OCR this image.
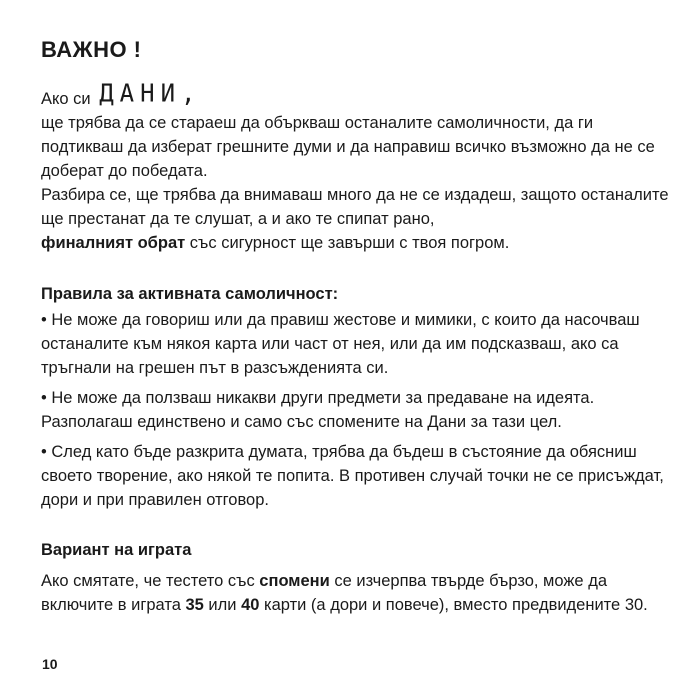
ВАЖНО !

Ако си ДАНИ,
ще трябва да се стараеш да объркваш останалите самоличности, да ги подтикваш да изберат грешните думи и да направиш всичко възможно да не се доберат до победата.
Разбира се, ще трябва да внимаваш много да не се издадеш, защото останалите ще престанат да те слушат, а и ако те спипат рано,
финалният обрат със сигурност ще завърши с твоя погром.

Правила за активната самоличност:

• Не може да говориш или да правиш жестове и мимики, с които да насочваш останалите към някоя карта или част от нея, или да им подсказваш, ако са тръгнали на грешен път в разсъжденията си.

• Не може да ползваш никакви други предмети за предаване на идеята. Разполагаш единствено и само със спомените на Дани за тази цел.

• След като бъде разкрита думата, трябва да бъдеш в състояние да обясниш своето творение, ако някой те попита. В противен случай точки не се присъждат, дори и при правилен отговор.

Вариант на играта

Ако смятате, че тестето със спомени се изчерпва твърде бързо, може да включите в играта 35 или 40 карти (а дори и повече), вместо предвидените 30.

10
